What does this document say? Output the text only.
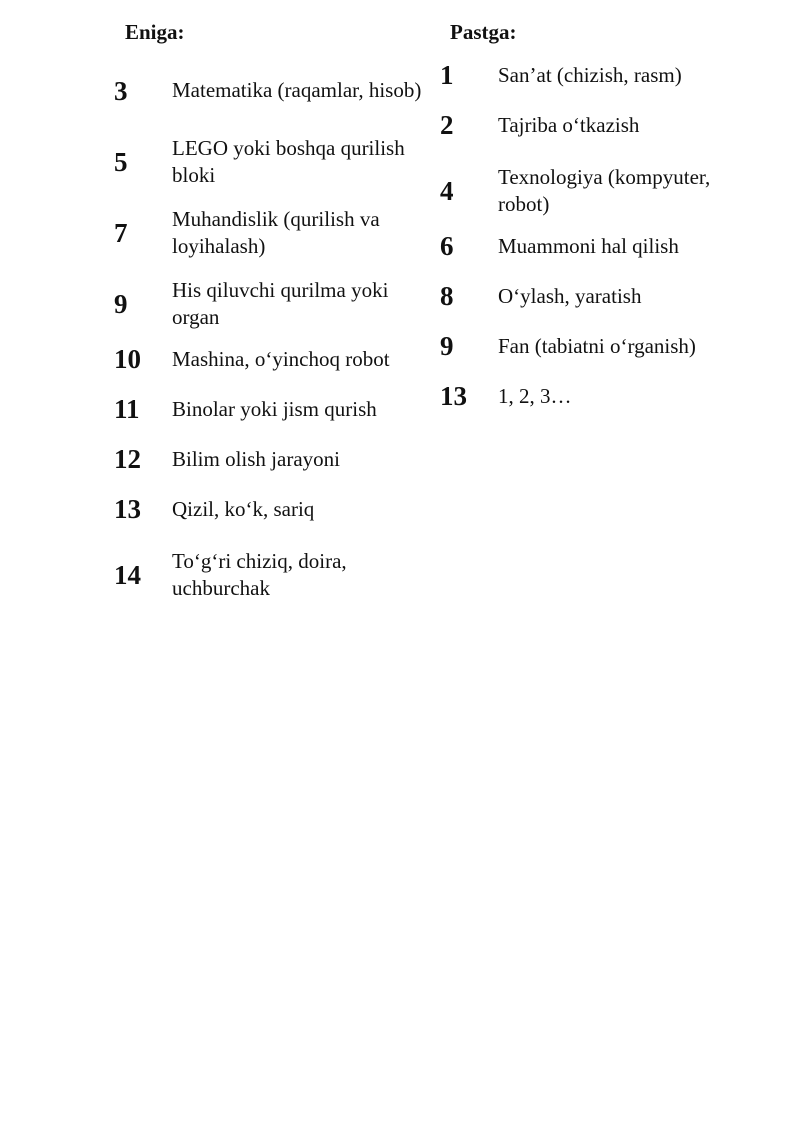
Eniga:	Pastga:
3	Matematika (raqamlar, hisob)
5	LEGO yoki boshqa qurilish bloki
7	Muhandislik (qurilish va loyihalash)
9	His qiluvchi qurilma yoki organ
10	Mashina, o‘yinchoq robot
11	Binolar yoki jism qurish
12	Bilim olish jarayoni
13	Qizil, ko‘k, sariq
14	To‘g‘ri chiziq, doira, uchburchak
1	San’at (chizish, rasm)
2	Tajriba o‘tkazish
4	Texnologiya (kompyuter, robot)
6	Muammoni hal qilish
8	O‘ylash, yaratish
9	Fan (tabiatni o‘rganish)
13	1, 2, 3…
